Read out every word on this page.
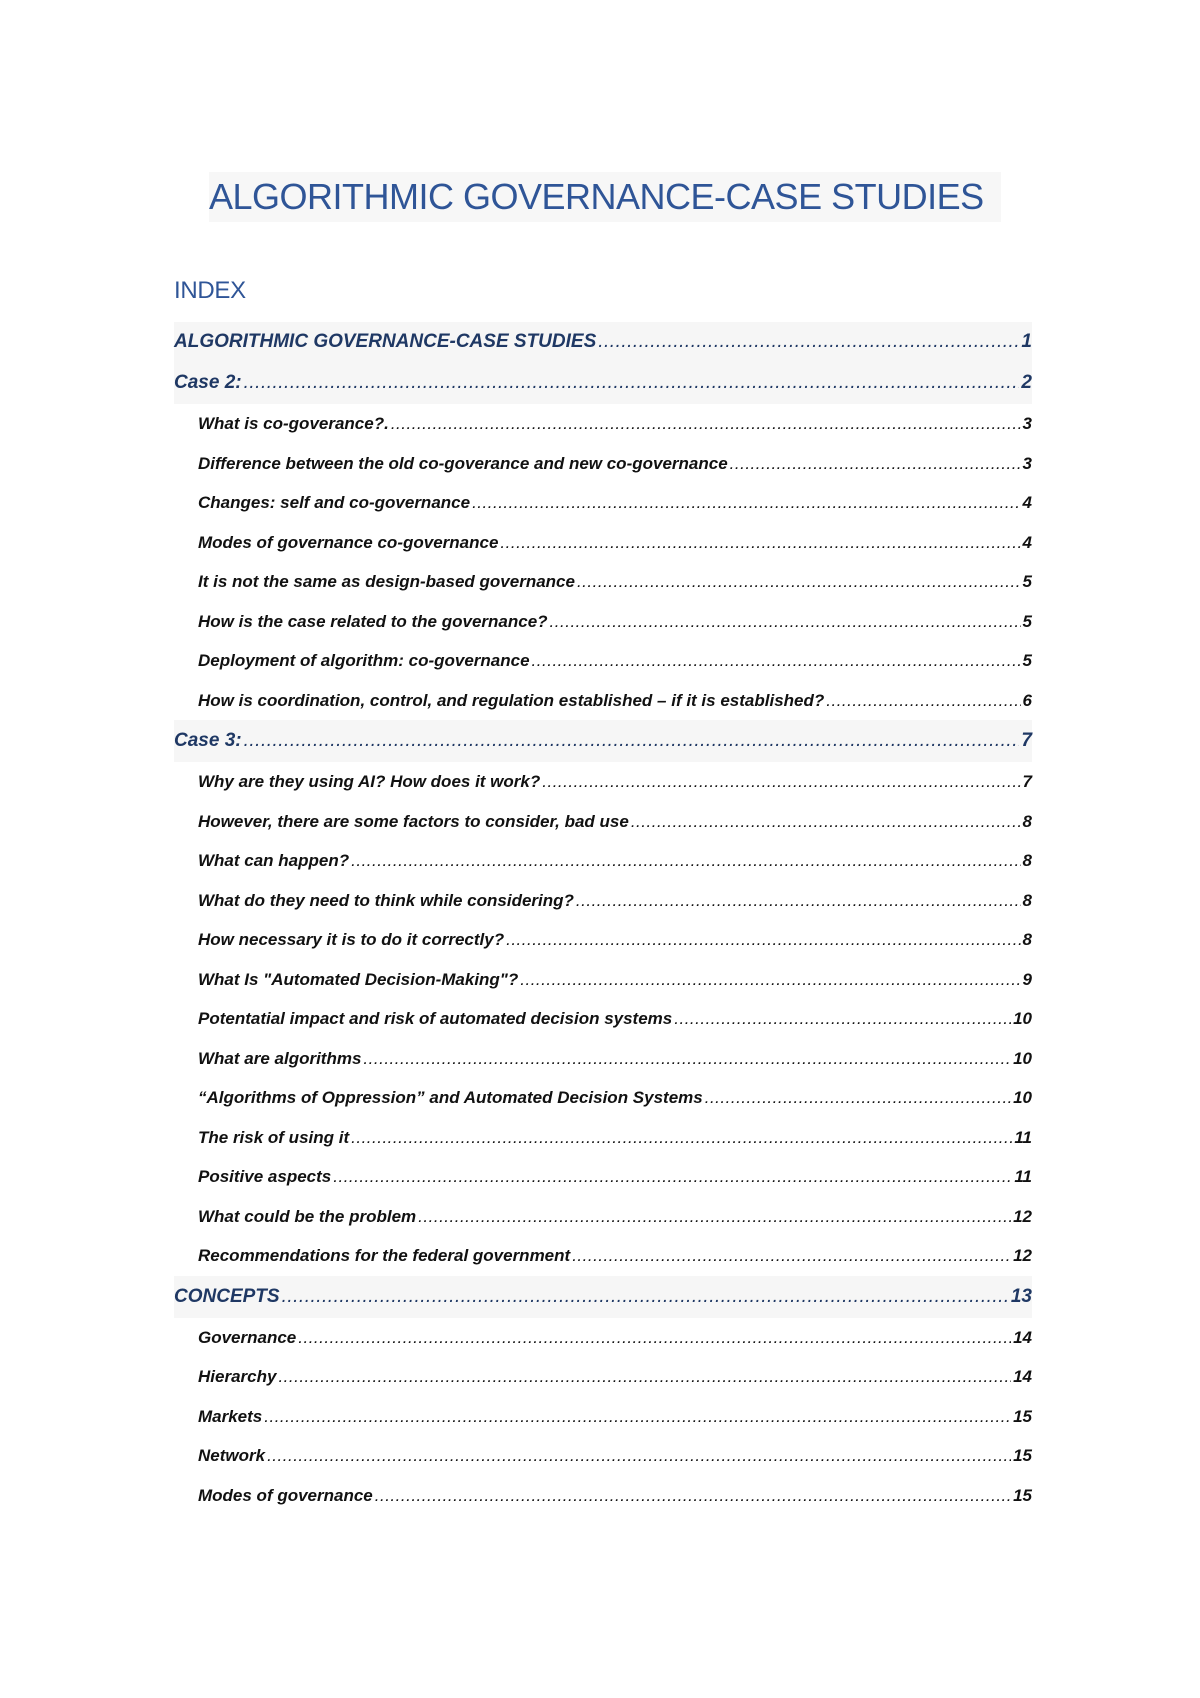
ALGORITHMIC GOVERNANCE-CASE STUDIES
INDEX
ALGORITHMIC GOVERNANCE-CASE STUDIES .....	1
Case 2: .....	2
What is co-goverance?. .....	3
Difference between the old co-goverance and new co-governance .....	3
Changes: self and co-governance .....	4
Modes of governance co-governance .....	4
It is not the same as design-based governance .....	5
How is the case related to the governance? .....	5
Deployment of algorithm: co-governance .....	5
How is coordination, control, and regulation established – if it is established? .....	6
Case 3: .....	7
Why are they using AI? How does it work? .....	7
However, there are some factors to consider, bad use .....	8
What can happen? .....	8
What do they need to think while considering? .....	8
How necessary it is to do it correctly? .....	8
What Is "Automated Decision-Making"? .....	9
Potentatial impact and risk of automated decision systems .....	10
What are algorithms .....	10
“Algorithms of Oppression” and Automated Decision Systems .....	10
The risk of using it .....	11
Positive aspects .....	11
What could be the problem .....	12
Recommendations for the federal government .....	12
CONCEPTS .....	13
Governance .....	14
Hierarchy .....	14
Markets .....	15
Network .....	15
Modes of governance .....	15
